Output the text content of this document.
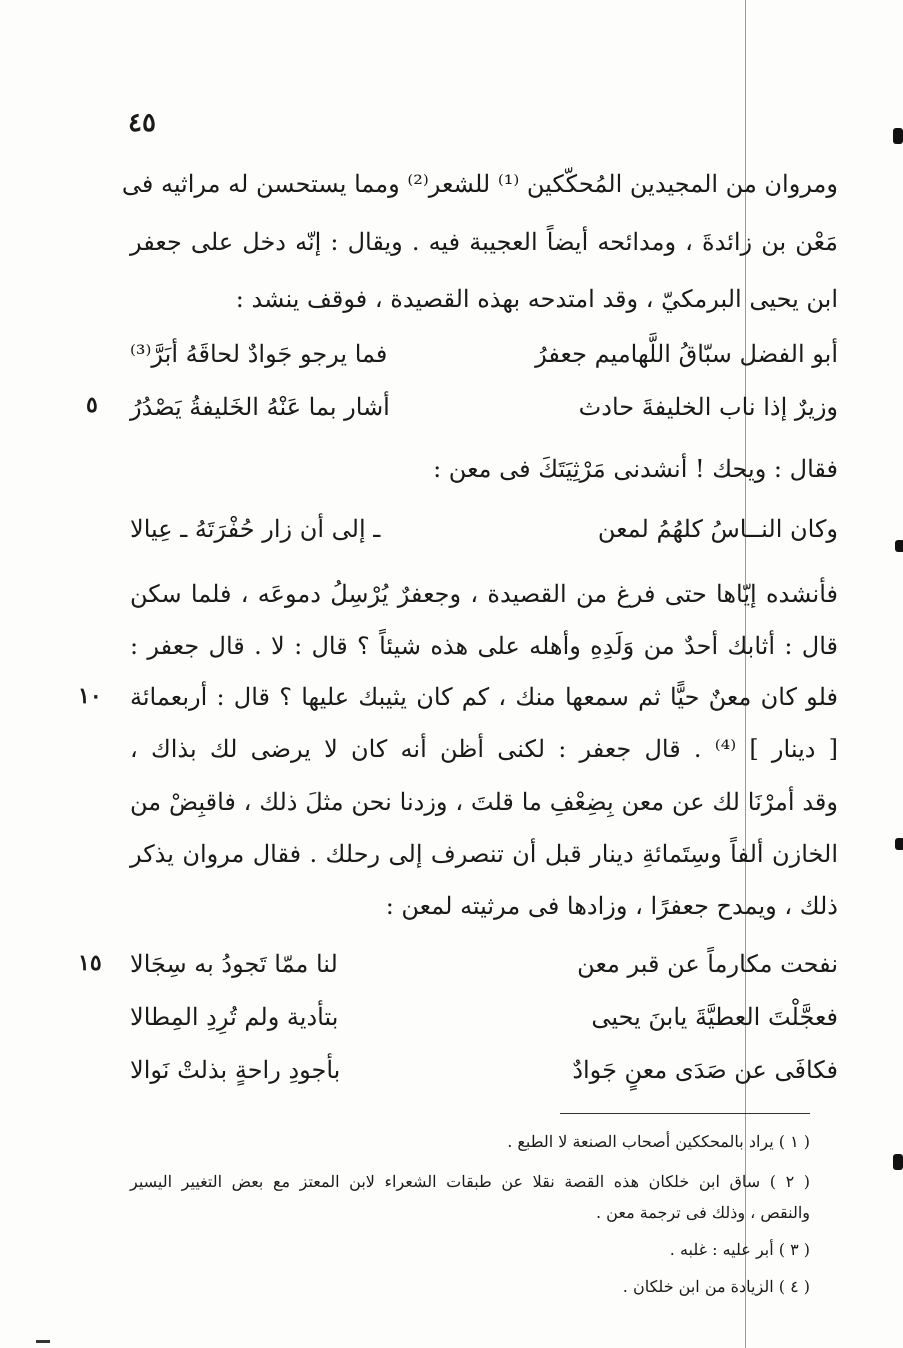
٤٥
ومروان من المجيدين المُحكّكين ⁽¹⁾ للشعر⁽²⁾ ومما يستحسن له مراثيه فى
مَعْن بن زائدةَ ، ومدائحه أيضاً العجيبة فيه . ويقال : إنّه دخل على جعفر
ابن يحيى البرمكيّ ، وقد امتدحه بهذه القصيدة ، فوقف ينشد :
أبو الفضل سبّاقُ اللَّهاميم جعفرُ
فما يرجو جَوادٌ لحاقَهُ أبَرَّ⁽³⁾
وزيرٌ إذا ناب الخليفةَ حادث
أشار بما عَنْهُ الخَليفةُ يَصْدُرُ
٥
فقال : ويحك ! أنشدنى مَرْثِيَتَكَ فى معن :
وكان النــاسُ كلهُمُ لمعن
ـ إلى أن زار حُفْرَتَهُ ـ عِيالا
فأنشده إيّاها حتى فرغ من القصيدة ، وجعفرٌ يُرْسِلُ دموعَه ، فلما سكن
قال : أثابك أحدٌ من وَلَدِهِ وأهله على هذه شيئاً ؟ قال : لا . قال جعفر :
فلو كان معنٌ حيًّا ثم سمعها منك ، كم كان يثيبك عليها ؟ قال : أربعمائة
١٠
[ دينار ] ⁽⁴⁾ . قال جعفر : لكنى أظن أنه كان لا يرضى لك بذاك ،
وقد أمرْنَا لك عن معن بِضِعْفِ ما قلتَ ، وزدنا نحن مثلَ ذلك ، فاقبِضْ من
الخازن ألفاً وسِتَمائةِ دينار قبل أن تنصرف إلى رحلك . فقال مروان يذكر
ذلك ، ويمدح جعفرًا ، وزادها فى مرثيته لمعن :
نفحت مكارماً عن قبر معن
لنا ممّا تَجودُ به سِجَالا
١٥
فعجَّلْتَ العطيَّةَ يابنَ يحيى
بتأدية ولم تُرِدِ المِطالا
فكافَى عن صَدَى معنٍ جَوادٌ
بأجودِ راحةٍ بذلتْ نَوالا
( ١ ) يراد بالمحككين أصحاب الصنعة لا الطبع .
( ٢ ) ساق ابن خلكان هذه القصة نقلا عن طبقات الشعراء لابن المعتز مع بعض التغيير اليسير
والنقص ، وذلك فى ترجمة معن .
( ٣ ) أبر عليه : غلبه .
( ٤ ) الزيادة من ابن خلكان .
